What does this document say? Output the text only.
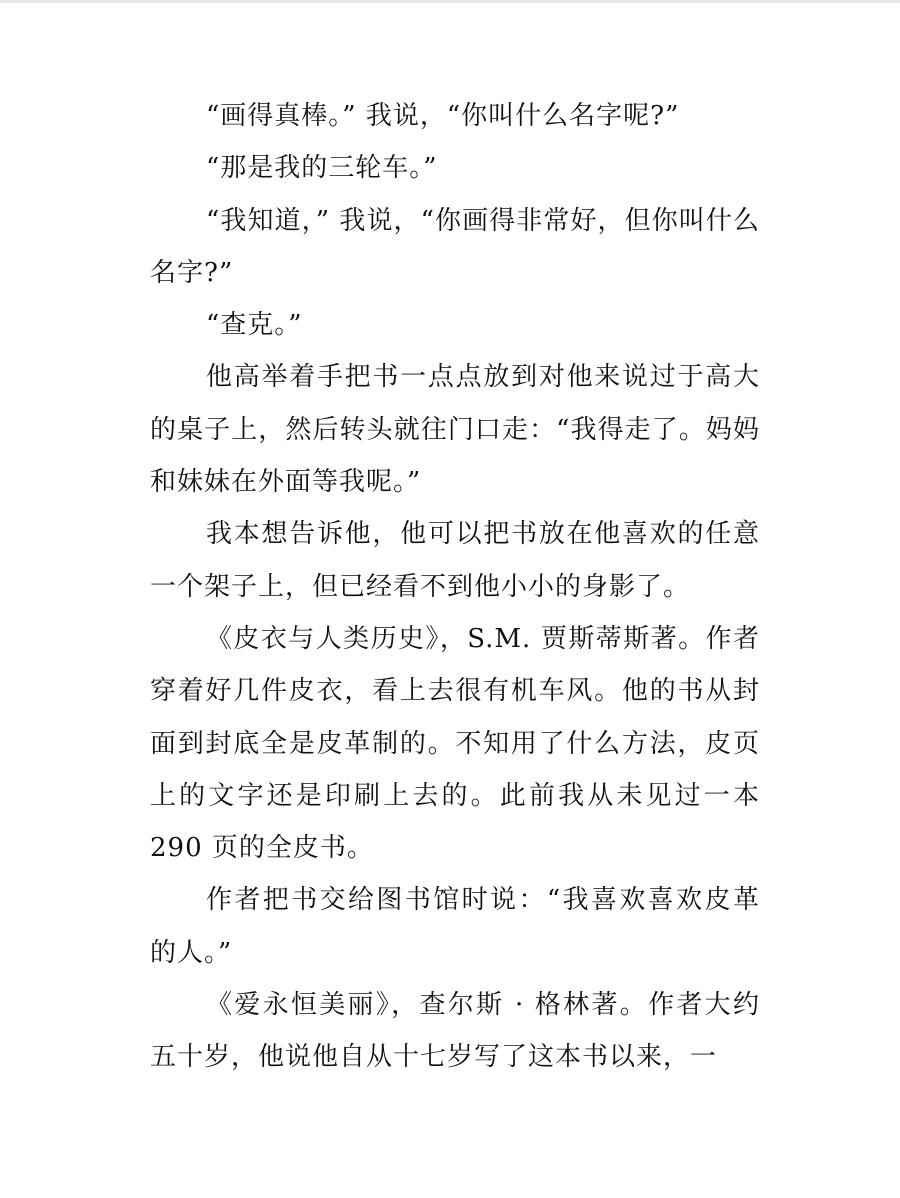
“画得真棒。” 我说，“你叫什么名字呢?”

“那是我的三轮车。”

“我知道，” 我说，“你画得非常好，但你叫什么名字?”

“查克。”

他高举着手把书一点点放到对他来说过于高大的桌子上，然后转头就往门口走：“我得走了。妈妈和妹妹在外面等我呢。”

我本想告诉他，他可以把书放在他喜欢的任意一个架子上，但已经看不到他小小的身影了。

《皮衣与人类历史》，S.M. 贾斯蒂斯著。作者穿着好几件皮衣，看上去很有机车风。他的书从封面到封底全是皮革制的。不知用了什么方法，皮页上的文字还是印刷上去的。此前我从未见过一本 290 页的全皮书。

作者把书交给图书馆时说：“我喜欢喜欢皮革的人。”

《爱永恒美丽》，查尔斯 · 格林著。作者大约五十岁，他说他自从十七岁写了这本书以来，一
